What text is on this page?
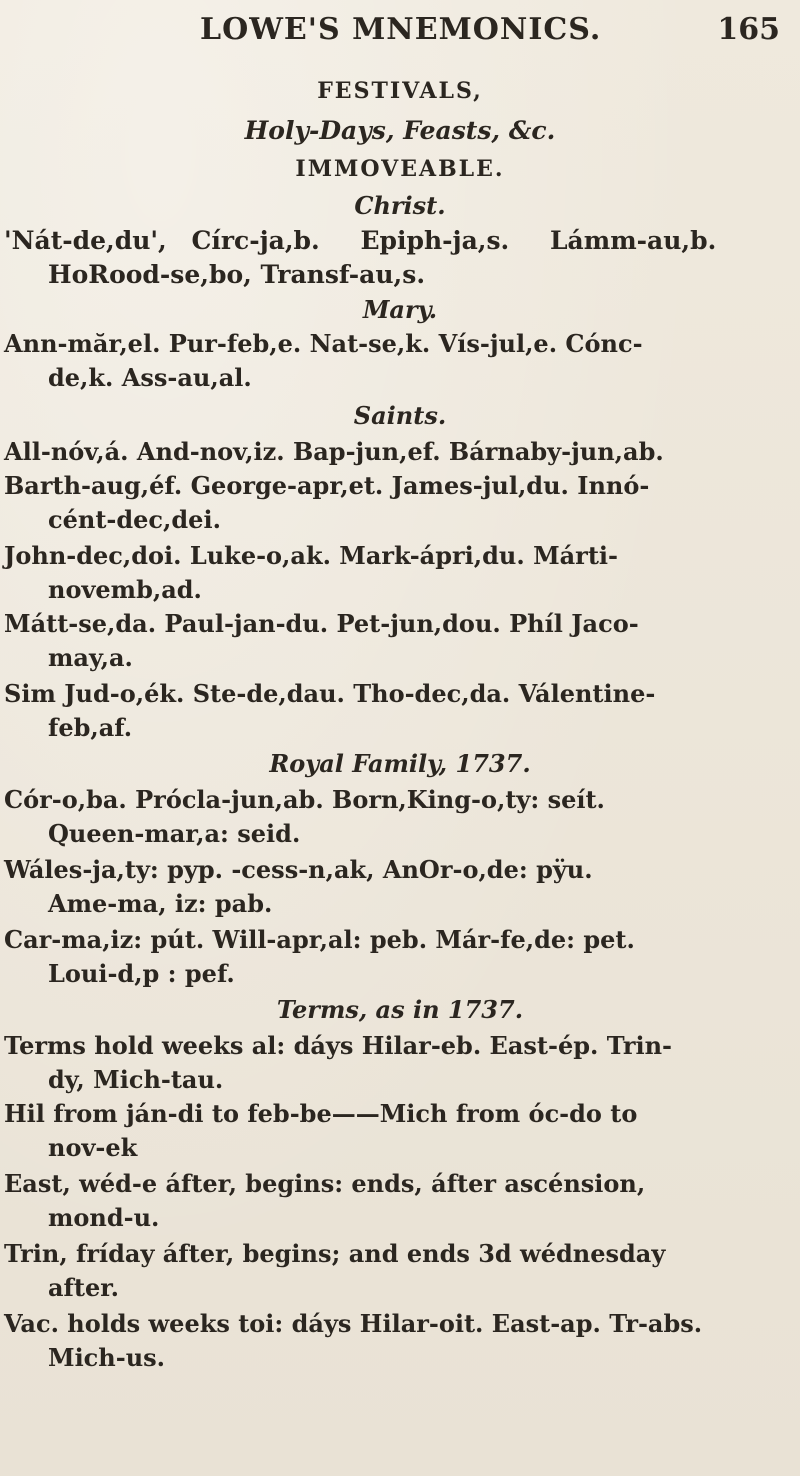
LOWE'S MNEMONICS.	165
FESTIVALS,
Holy-Days, Feasts, &c.
IMMOVEABLE.
Christ.
'Nát-de,du', Círc-ja,b. Epiph-ja,s. Lámm-au,b.
HoRood-se,bo, Transf-au,s.
Mary.
Ann-măr,el. Pur-feb,e. Nat-se,k. Vís-jul,e. Cónc-
de,k. Ass-au,al.
Saints.
All-nóv,á. And-nov,iz. Bap-jun,ef. Bárnaby-jun,ab.
Barth-aug,éf. George-apr,et. James-jul,du. Innó-
cént-dec,dei.
John-dec,doi. Luke-o,ak. Mark-ápri,du. Márti-
novemb,ad.
Mátt-se,da. Paul-jan-du. Pet-jun,dou. Phíl Jaco-
may,a.
Sim Jud-o,ék. Ste-de,dau. Tho-dec,da. Válentine-
feb,af.
Royal Family, 1737.
Cór-o,ba. Prócla-jun,ab. Born,King-o,ty: seít.
Queen-mar,a: seid.
Wáles-ja,ty: pyp. -cess-n,ak, AnOr-o,de: pÿu.
Ame-ma, iz: pab.
Car-ma,iz: pút. Will-apr,al: peb. Már-fe,de: pet.
Loui-d,p : pef.
Terms, as in 1737.
Terms hold weeks al: dáys Hilar-eb. East-ép. Trin-
dy, Mich-tau.
Hil from ján-di to feb-be——Mich from óc-do to
nov-ek
East, wéd-e áfter, begins: ends, áfter ascénsion,
mond-u.
Trin, fríday áfter, begins; and ends 3d wédnesday
after.
Vac. holds weeks toi: dáys Hilar-oit. East-ap. Tr-abs.
Mich-us.
